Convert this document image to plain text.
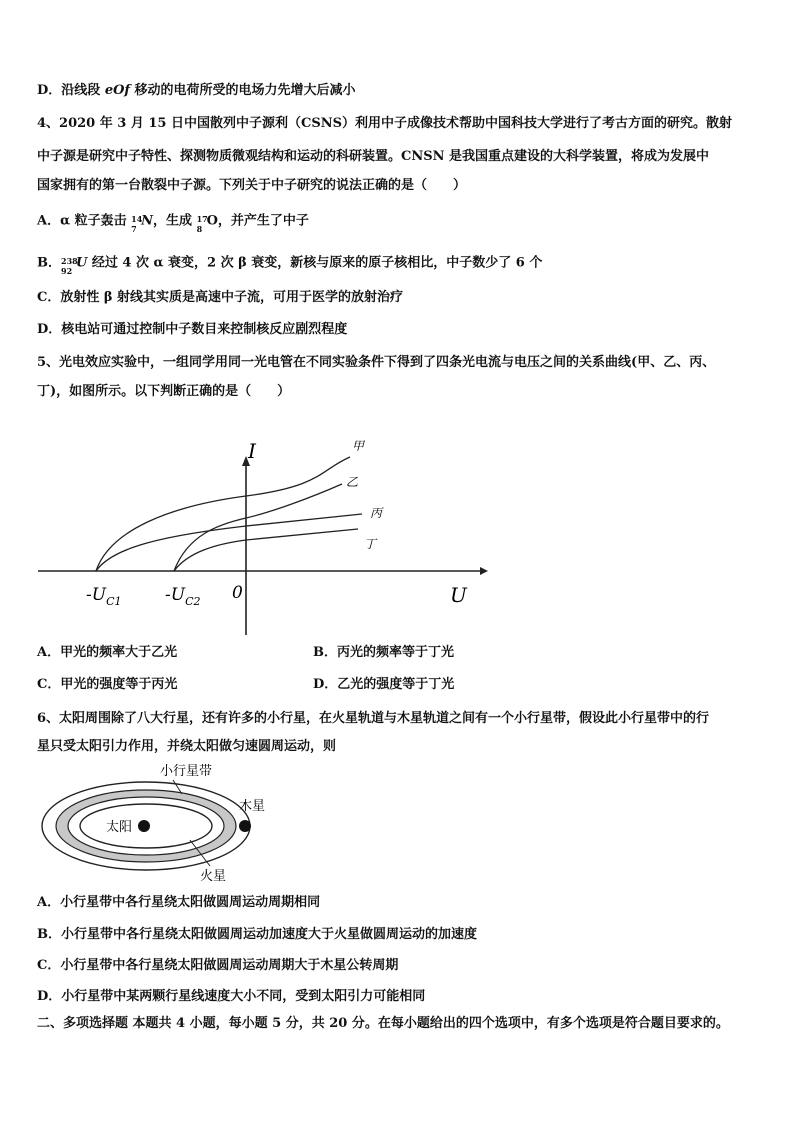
D．沿线段 eOf 移动的电荷所受的电场力先增大后减小
4、2020 年 3 月 15 日中国散列中子源利（CSNS）利用中子成像技术帮助中国科技大学进行了考古方面的研究。散射
中子源是研究中子特性、探测物质微观结构和运动的科研装置。CNSN 是我国重点建设的大科学装置，将成为发展中
国家拥有的第一台散裂中子源。下列关于中子研究的说法正确的是（　　）
A．α 粒子轰击 14
7
N，生成 17
8
O，并产生了中子
B． 238
92
U 经过 4 次 α 衰变，2 次 β 衰变，新核与原来的原子核相比，中子数少了 6 个
C．放射性 β 射线其实质是高速中子流，可用于医学的放射治疗
D．核电站可通过控制中子数目来控制核反应剧烈程度
5、光电效应实验中，一组同学用同一光电管在不同实验条件下得到了四条光电流与电压之间的关系曲线(甲、乙、丙、
丁)，如图所示。以下判断正确的是（　　）
I
U
0
$-U_{C1}$	$-U_{C2}$
甲
乙
丙
丁
A．甲光的频率大于乙光	B．丙光的频率等于丁光
C．甲光的强度等于丙光	D．乙光的强度等于丁光
6、太阳周围除了八大行星，还有许多的小行星，在火星轨道与木星轨道之间有一个小行星带，假设此小行星带中的行
星只受太阳引力作用，并绕太阳做匀速圆周运动，则
小行星带
木星
太阳
火星
A．小行星带中各行星绕太阳做圆周运动周期相同
B．小行星带中各行星绕太阳做圆周运动加速度大于火星做圆周运动的加速度
C．小行星带中各行星绕太阳做圆周运动周期大于木星公转周期
D．小行星带中某两颗行星线速度大小不同，受到太阳引力可能相同
二、多项选择题 本题共 4 小题，每小题 5 分，共 20 分。在每小题给出的四个选项中，有多个选项是符合题目要求的。
